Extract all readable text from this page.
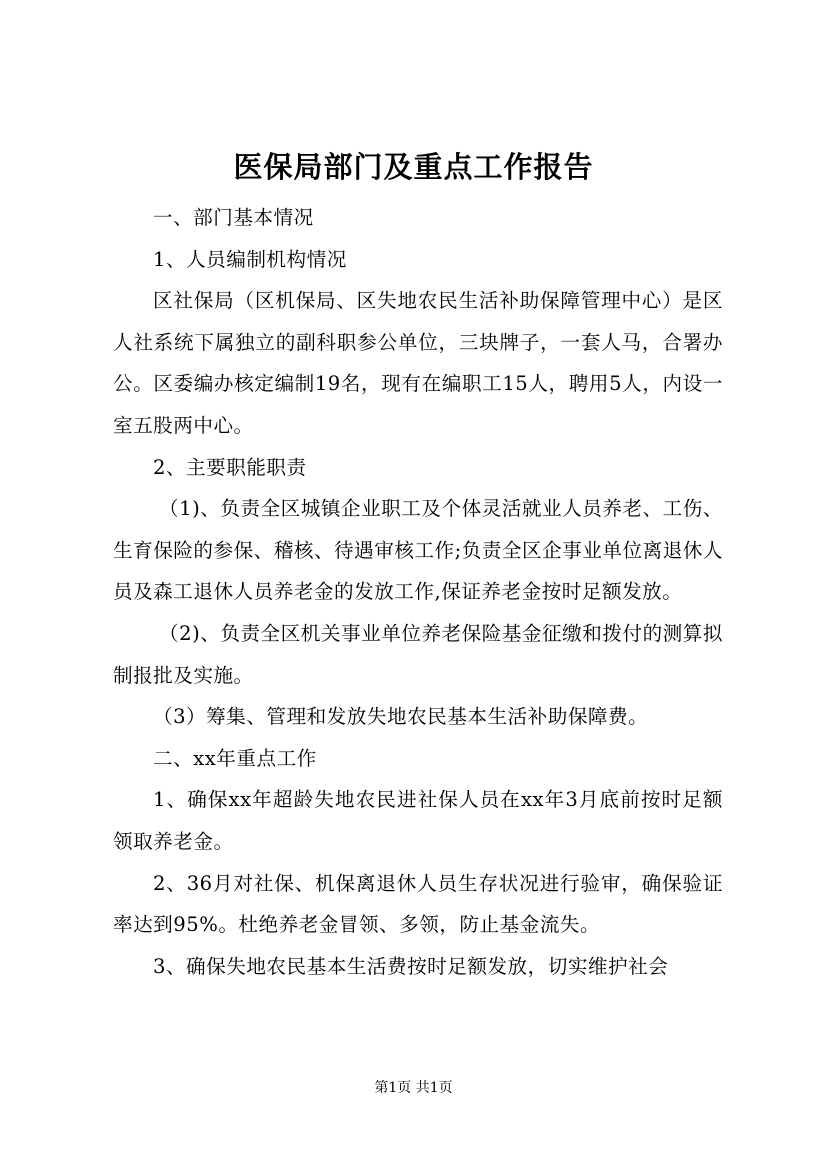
医保局部门及重点工作报告

一、部门基本情况

1、人员编制机构情况

区社保局（区机保局、区失地农民生活补助保障管理中心）是区人社系统下属独立的副科职参公单位，三块牌子，一套人马，合署办公。区委编办核定编制19名，现有在编职工15人，聘用5人，内设一室五股两中心。

2、主要职能职责

（1)、负责全区城镇企业职工及个体灵活就业人员养老、工伤、生育保险的参保、稽核、待遇审核工作;负责全区企事业单位离退休人员及森工退休人员养老金的发放工作,保证养老金按时足额发放。

（2)、负责全区机关事业单位养老保险基金征缴和拨付的测算拟制报批及实施。

（3）筹集、管理和发放失地农民基本生活补助保障费。

二、xx年重点工作

1、确保xx年超龄失地农民进社保人员在xx年3月底前按时足额领取养老金。

2、36月对社保、机保离退休人员生存状况进行验审，确保验证率达到95%。杜绝养老金冒领、多领，防止基金流失。

3、确保失地农民基本生活费按时足额发放，切实维护社会

第1页 共1页
